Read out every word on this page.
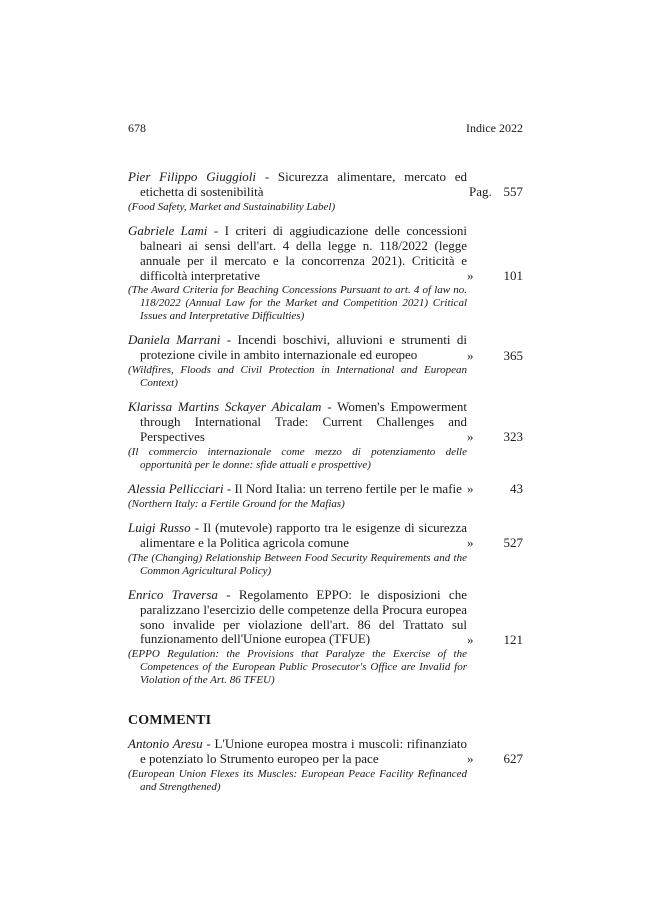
678	Indice 2022
Pier Filippo Giuggioli - Sicurezza alimentare, mercato ed etichetta di sostenibilità
(Food Safety, Market and Sustainability Label)
Pag. 557
Gabriele Lami - I criteri di aggiudicazione delle concessioni balneari ai sensi dell'art. 4 della legge n. 118/2022 (legge annuale per il mercato e la concorrenza 2021). Criticità e difficoltà interpretative
(The Award Criteria for Beaching Concessions Pursuant to art. 4 of law no. 118/2022 (Annual Law for the Market and Competition 2021) Critical Issues and Interpretative Difficulties)
» 101
Daniela Marrani - Incendi boschivi, alluvioni e strumenti di protezione civile in ambito internazionale ed europeo
(Wildfires, Floods and Civil Protection in International and European Context)
» 365
Klarissa Martins Sckayer Abicalam - Women's Empowerment through International Trade: Current Challenges and Perspectives
(Il commercio internazionale come mezzo di potenziamento delle opportunità per le donne: sfide attuali e prospettive)
» 323
Alessia Pellicciari - Il Nord Italia: un terreno fertile per le mafie
(Northern Italy: a Fertile Ground for the Mafias)
»	43
Luigi Russo - Il (mutevole) rapporto tra le esigenze di sicurezza alimentare e la Politica agricola comune
(The (Changing) Relationship Between Food Security Requirements and the Common Agricultural Policy)
» 527
Enrico Traversa - Regolamento EPPO: le disposizioni che paralizzano l'esercizio delle competenze della Procura europea sono invalide per violazione dell'art. 86 del Trattato sul funzionamento dell'Unione europea (TFUE)
(EPPO Regulation: the Provisions that Paralyze the Exercise of the Competences of the European Public Prosecutor's Office are Invalid for Violation of the Art. 86 TFEU)
» 121
COMMENTI
Antonio Aresu - L'Unione europea mostra i muscoli: rifinanziato e potenziato lo Strumento europeo per la pace
(European Union Flexes its Muscles: European Peace Facility Refinanced and Strengthened)
» 627
